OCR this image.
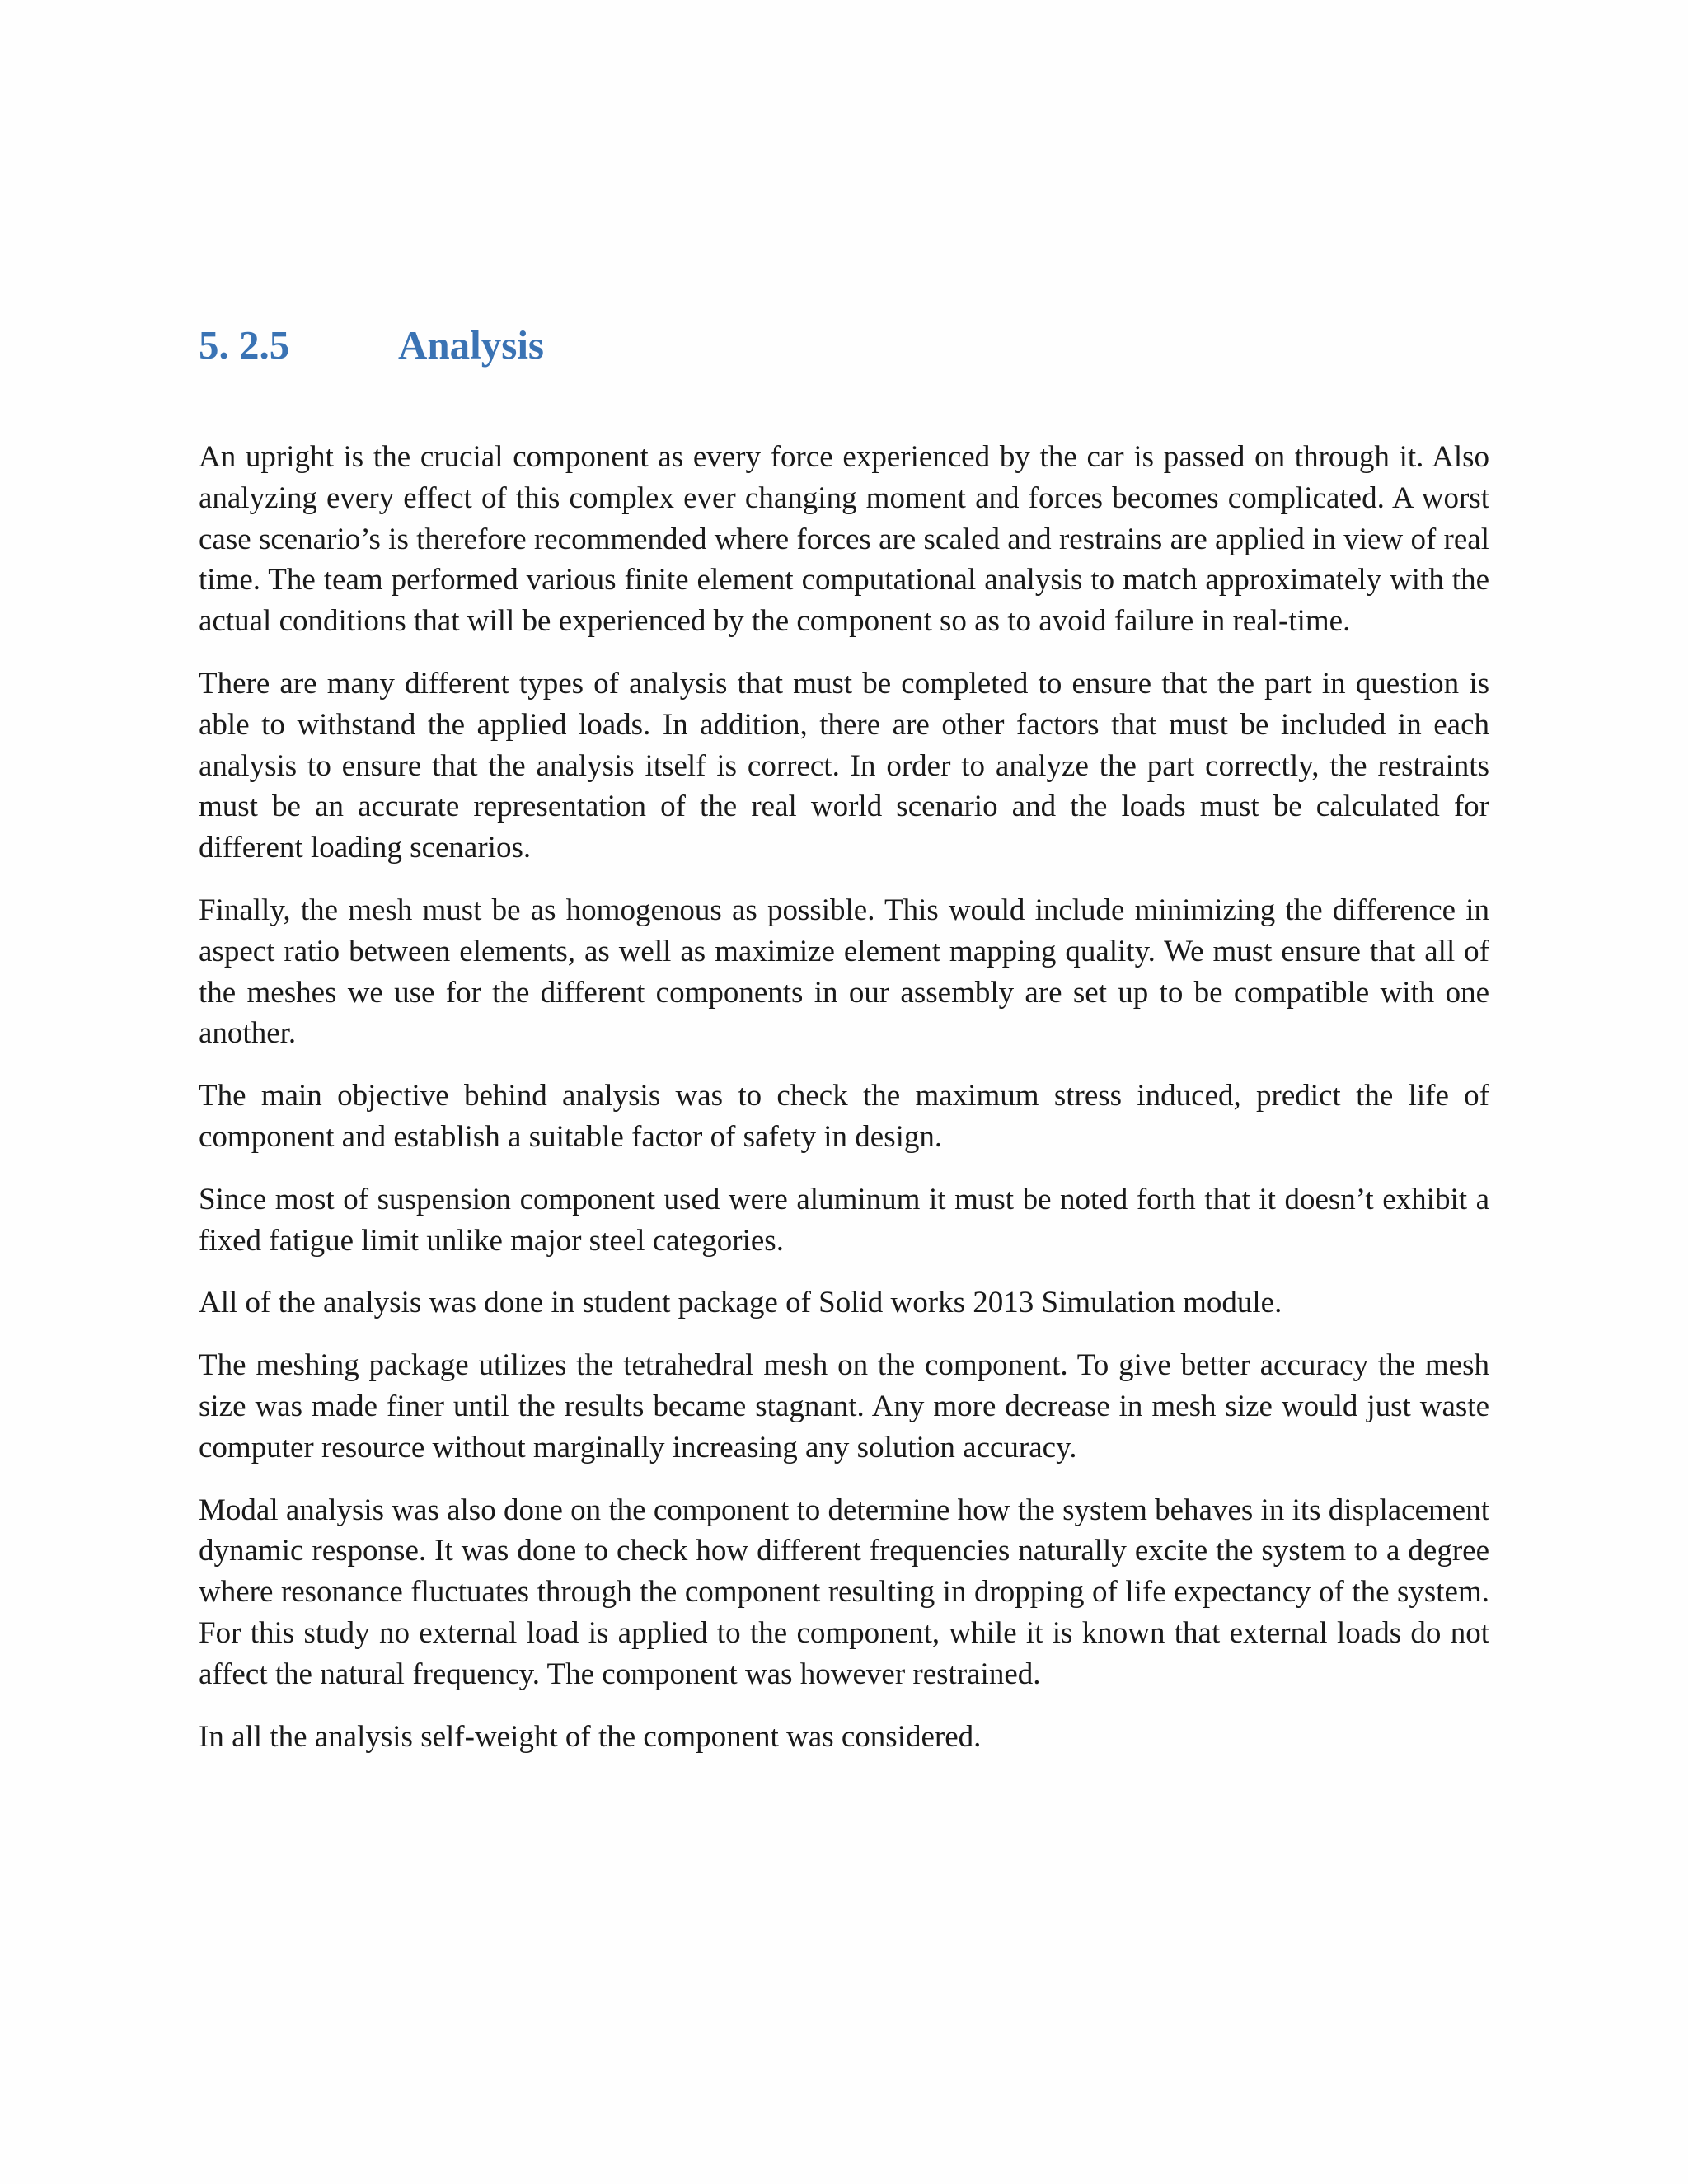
5. 2.5	Analysis

An upright is the crucial component as every force experienced by the car is passed on through it. Also analyzing every effect of this complex ever changing moment and forces becomes complicated. A worst case scenario’s is therefore recommended where forces are scaled and restrains are applied in view of real time. The team performed various finite element computational analysis to match approximately with the actual conditions that will be experienced by the component so as to avoid failure in real-time.

There are many different types of analysis that must be completed to ensure that the part in question is able to withstand the applied loads. In addition, there are other factors that must be included in each analysis to ensure that the analysis itself is correct. In order to analyze the part correctly, the restraints must be an accurate representation of the real world scenario and the loads must be calculated for different loading scenarios.

Finally, the mesh must be as homogenous as possible. This would include minimizing the difference in aspect ratio between elements, as well as maximize element mapping quality. We must ensure that all of the meshes we use for the different components in our assembly are set up to be compatible with one another.

The main objective behind analysis was to check the maximum stress induced, predict the life of component and establish a suitable factor of safety in design.

Since most of suspension component used were aluminum it must be noted forth that it doesn’t exhibit a fixed fatigue limit unlike major steel categories.

All of the analysis was done in student package of Solid works 2013 Simulation module.

The meshing package utilizes the tetrahedral mesh on the component. To give better accuracy the mesh size was made finer until the results became stagnant. Any more decrease in mesh size would just waste computer resource without marginally increasing any solution accuracy.

Modal analysis was also done on the component to determine how the system behaves in its displacement dynamic response. It was done to check how different frequencies naturally excite the system to a degree where resonance fluctuates through the component resulting in dropping of life expectancy of the system. For this study no external load is applied to the component, while it is known that external loads do not affect the natural frequency. The component was however restrained.

In all the analysis self-weight of the component was considered.
